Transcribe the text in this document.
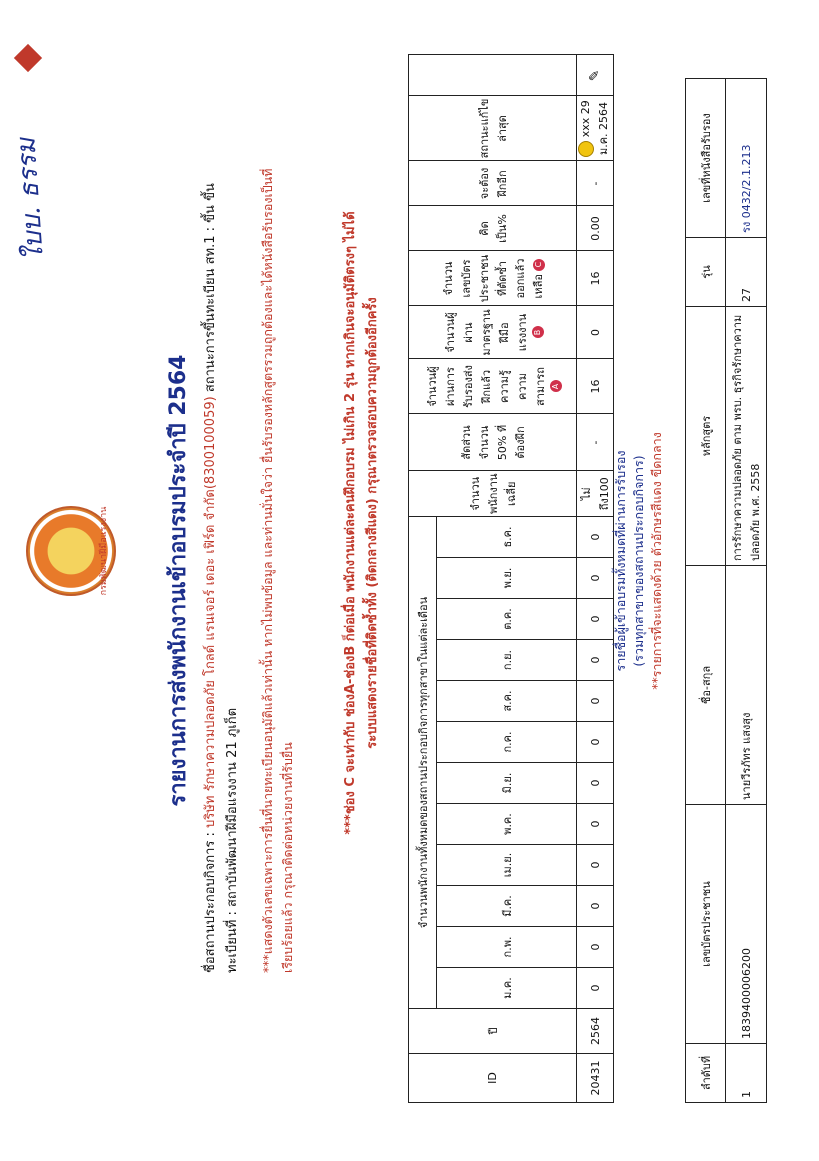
ใบบ. ธรรม
กรมพัฒนาฝีมือแรงงาน	รายงานการส่งพนักงานเข้าอบรมประจำปี 2564
ชื่อสถานประกอบกิจการ : บริษัท รักษาความปลอดภัย โกลด์ แรนเจอร์ เดอะ เฟิร์ด จำกัด(8300100059) สถานะการขึ้นทะเบียน สท.1 : ขึ้น ขึ้นทะเบียนที่ : สถาบันพัฒนาฝีมือแรงงาน 21 ภูเก็ต	***แสดงตัวเลขเฉพาะการยื่นที่นายทะเบียนอนุมัติแล้วเท่านั้น หากไม่พบข้อมูล และท่านมั่นใจว่า ยื่นรับรองหลักสูตรรวมถูกต้องและได้หนังสือรับรองเป็นที่เรียบร้อยแล้ว กรุณาติดต่อหน่วยงานที่รับยื่น
***ช่อง C จะเท่ากับ ช่องA-ช่องB ก็ต่อเมื่อ พนักงานแต่ละคนฝึกอบรม ไม่เกิน 2 รุ่น หากเกินจะอนุมัติตรงๆ ไม่ได้ ระบบแสดงรายชื่อที่ติดซ้ำทั้ง (ติดกลางสีแดง) กรุณาตรวจสอบความถูกต้องอีกครั้ง
ID	ปี	จำนวนพนักงานทั้งหมดของสถานประกอบกิจการทุกสาขาในแต่ละเดือน												จำนวนพนักงานเฉลี่ย	สัดส่วนจำนวน 50% ที่ต้องฝึก	จำนวนผู้ผ่านการรับรองส่งฝึกแล้ว ความรู้ ความสามารถ A	จำนวนผู้ผ่านมาตรฐานฝีมือแรงงาน B	จำนวนเลขบัตรประชาชนที่ตัดซ้ำออกแล้วเหลือ C	คิดเป็น%	จะต้องฝึกอีก	สถานะแก้ไขล่าสุด	
		ม.ค.	ก.พ.	มี.ค.	เม.ย.	พ.ค.	มิ.ย.	ก.ค.	ส.ค.	ก.ย.	ต.ค.	พ.ย.	ธ.ค.									
20431	2564	0	0	0	0	0	0	0	0	0	0	0	0	ไม่ถึง100	-	16	0	16	0.00	-	xxx 29 ม.ค. 2564	✎
รายชื่อผู้เข้าอบรมทั้งหมดที่ผ่านการรับรอง (รวมทุกสาขาของสถานประกอบกิจการ) **รายการที่จะแสดงด้วย ตัวอักษรสีแดง ขีดกลาง
ลำดับที่	เลขบัตรประชาชน	ชื่อ-สกุล	หลักสูตร	รุ่น	เลขที่หนังสือรับรอง
1	1839400006200	นายวีรภัทร แสงสุง	การรักษาความปลอดภัย ตาม พรบ. ธุรกิจรักษาความปลอดภัย พ.ศ. 2558	27	รง 0432/2.1.213
